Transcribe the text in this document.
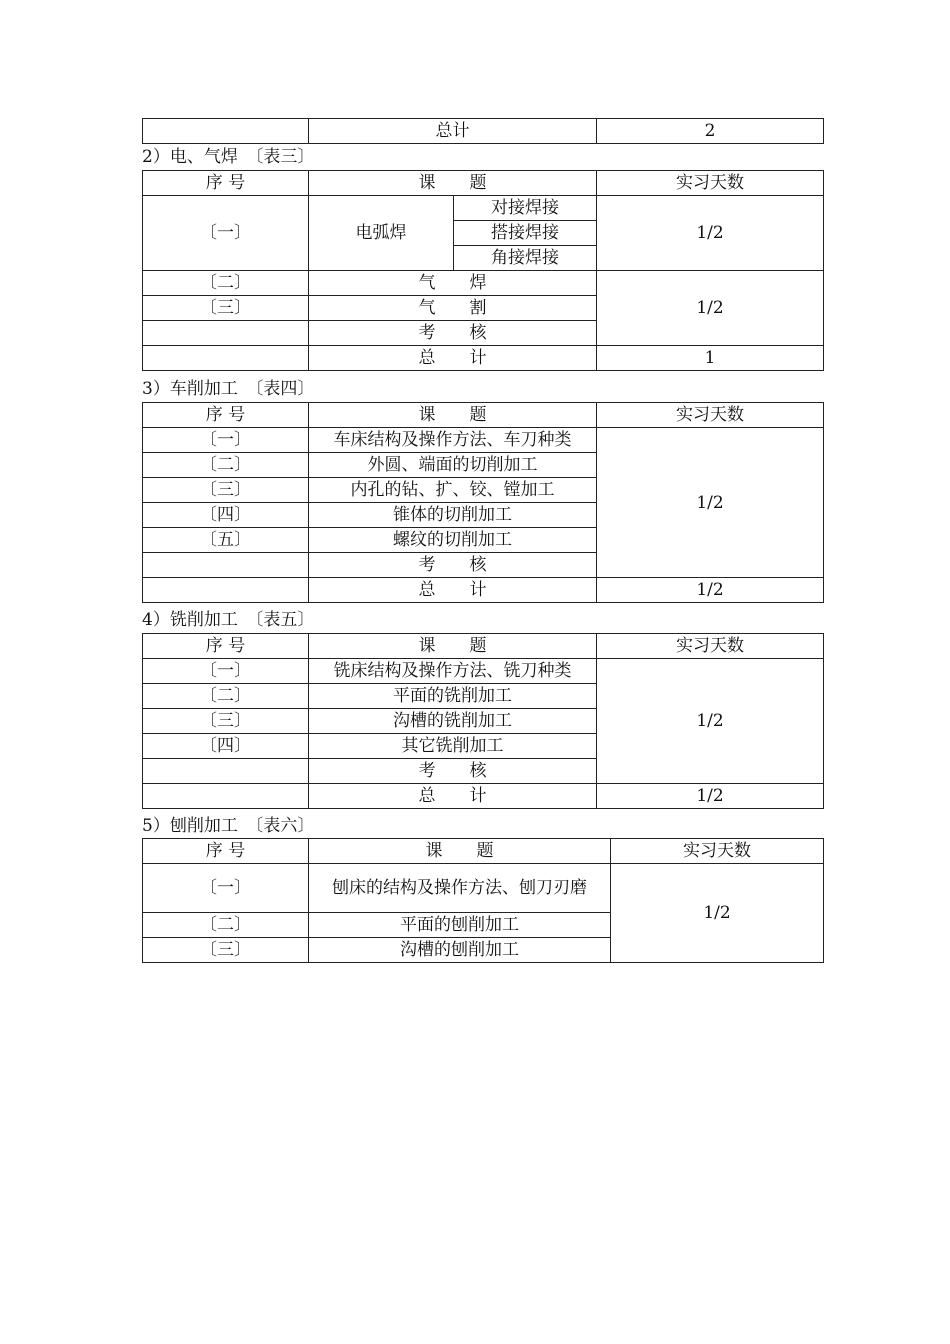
	总计	2
2）电、气焊　〔表三〕
序 号	课　　题		实习天数
〔一〕	电弧焊	对接焊接	1/2
		搭接焊接	
		角接焊接	
〔二〕	气　　焊		1/2
〔三〕	气　　割		
	考　　核		
	总　　计		1
3）车削加工　〔表四〕
序 号	课　　题	实习天数
〔一〕	车床结构及操作方法、车刀种类	1/2
〔二〕	外圆、端面的切削加工	
〔三〕	内孔的钻、扩、铰、镗加工	
〔四〕	锥体的切削加工	
〔五〕	螺纹的切削加工	
	考　　核	
	总　　计	1/2
4）铣削加工　〔表五〕
序 号	课　　题	实习天数
〔一〕	铣床结构及操作方法、铣刀种类	1/2
〔二〕	平面的铣削加工	
〔三〕	沟槽的铣削加工	
〔四〕	其它铣削加工	
	考　　核	
	总　　计	1/2
5）刨削加工　〔表六〕
序 号	课　　题	实习天数
〔一〕	刨床的结构及操作方法、刨刀刃磨	1/2
〔二〕	平面的刨削加工	
〔三〕	沟槽的刨削加工	
